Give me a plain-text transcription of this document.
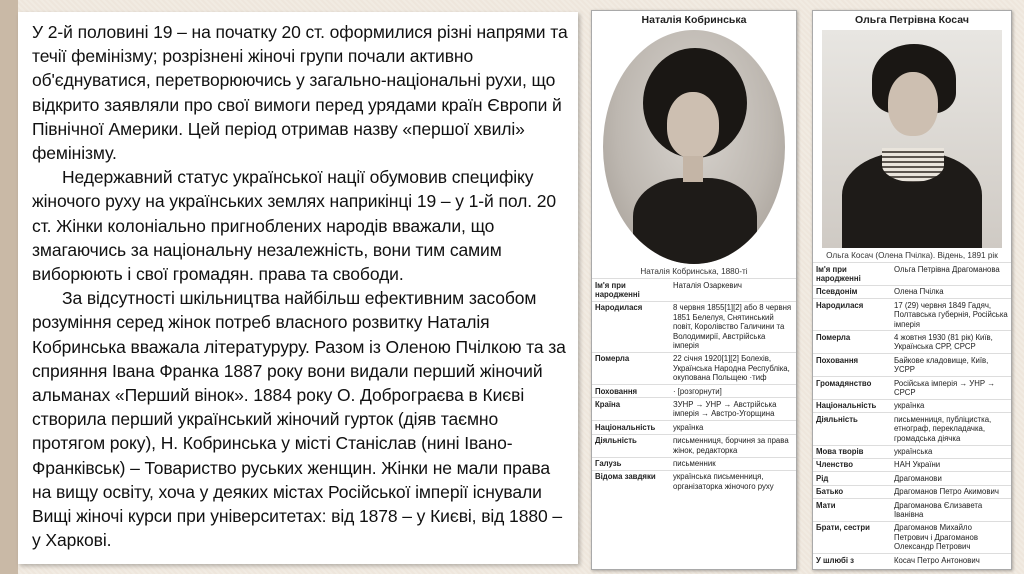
У 2-й половині 19 – на початку 20 ст. оформилися різні напрями та течії фемінізму; розрізнені жіночі групи почали активно об'єднуватися, перетворюючись у загально-національні рухи, що відкрито заявляли про свої вимоги перед урядами країн Європи й Північної Америки. Цей період отримав назву «першої хвилі» фемінізму.

Недержавний статус української нації обумовив специфіку жіночого руху на українських землях наприкінці 19 – у 1-й пол. 20 ст. Жінки колоніально пригноблених народів вважали, що змагаючись за національну незалежність, вони тим самим виборюють і свої громадян. права та свободи.

За відсутності шкільництва найбільш ефективним засобом розуміння серед жінок потреб власного розвитку Наталія Кобринська вважала літературуру. Разом із Оленою Пчілкою та за сприяння Івана Франка 1887 року вони видали перший жіночий альманах «Перший вінок». 1884 року О. Доброграєва в Києві створила перший український жіночий гурток (діяв таємно протягом року), Н. Кобринська у місті Станіслав (нині Івано-Франківськ) – Товариство руських женщин. Жінки не мали права на вищу освіту, хоча у деяких містах Російської імперії існували Вищі жіночі курси при університетах: від 1878 – у Києві, від 1880 – у Харкові.

Наталія Кобринська
Наталія Кобринська, 1880-ті
Ім'я при народженні	Наталія Озаркевич
Народилася	8 червня 1855[1][2] або 8 червня 1851 Белелуя, Снятинський повіт, Королівство Галичини та Володимирії, Австрійська імперія
Померла	22 січня 1920[1][2] Болехів, Українська Народна Республіка, окупована Польщею ·тиф
Поховання	· [розгорнути]
Країна	ЗУНР → УНР → Австрійська імперія → Австро-Угорщина
Національність	українка
Діяльність	письменниця, борчиня за права жінок, редакторка
Галузь	письменник
Відома завдяки	українська письменниця, організаторка жіночого руху
Ольга Петрівна Косач
Ольга Косач (Олена Пчілка). Відень, 1891 рік
Ім'я при народженні	Ольга Петрівна Драгоманова
Псевдонім	Олена Пчілка
Народилася	17 (29) червня 1849 Гадяч, Полтавська губернія, Російська імперія
Померла	4 жовтня 1930 (81 рік) Київ, Українська СРР, СРСР
Поховання	Байкове кладовище, Київ, УСРР
Громадянство	Російська імперія → УНР → СРСР
Національність	українка
Діяльність	письменниця, публіцистка, етнограф, перекладачка, громадська діячка
Мова творів	українська
Членство	НАН України
Рід	Драгоманови
Батько	Драгоманов Петро Акимович
Мати	Драгоманова Єлизавета Іванівна
Брати, сестри	Драгоманов Михайло Петрович і Драгоманов Олександр Петрович
У шлюбі з	Косач Петро Антонович
